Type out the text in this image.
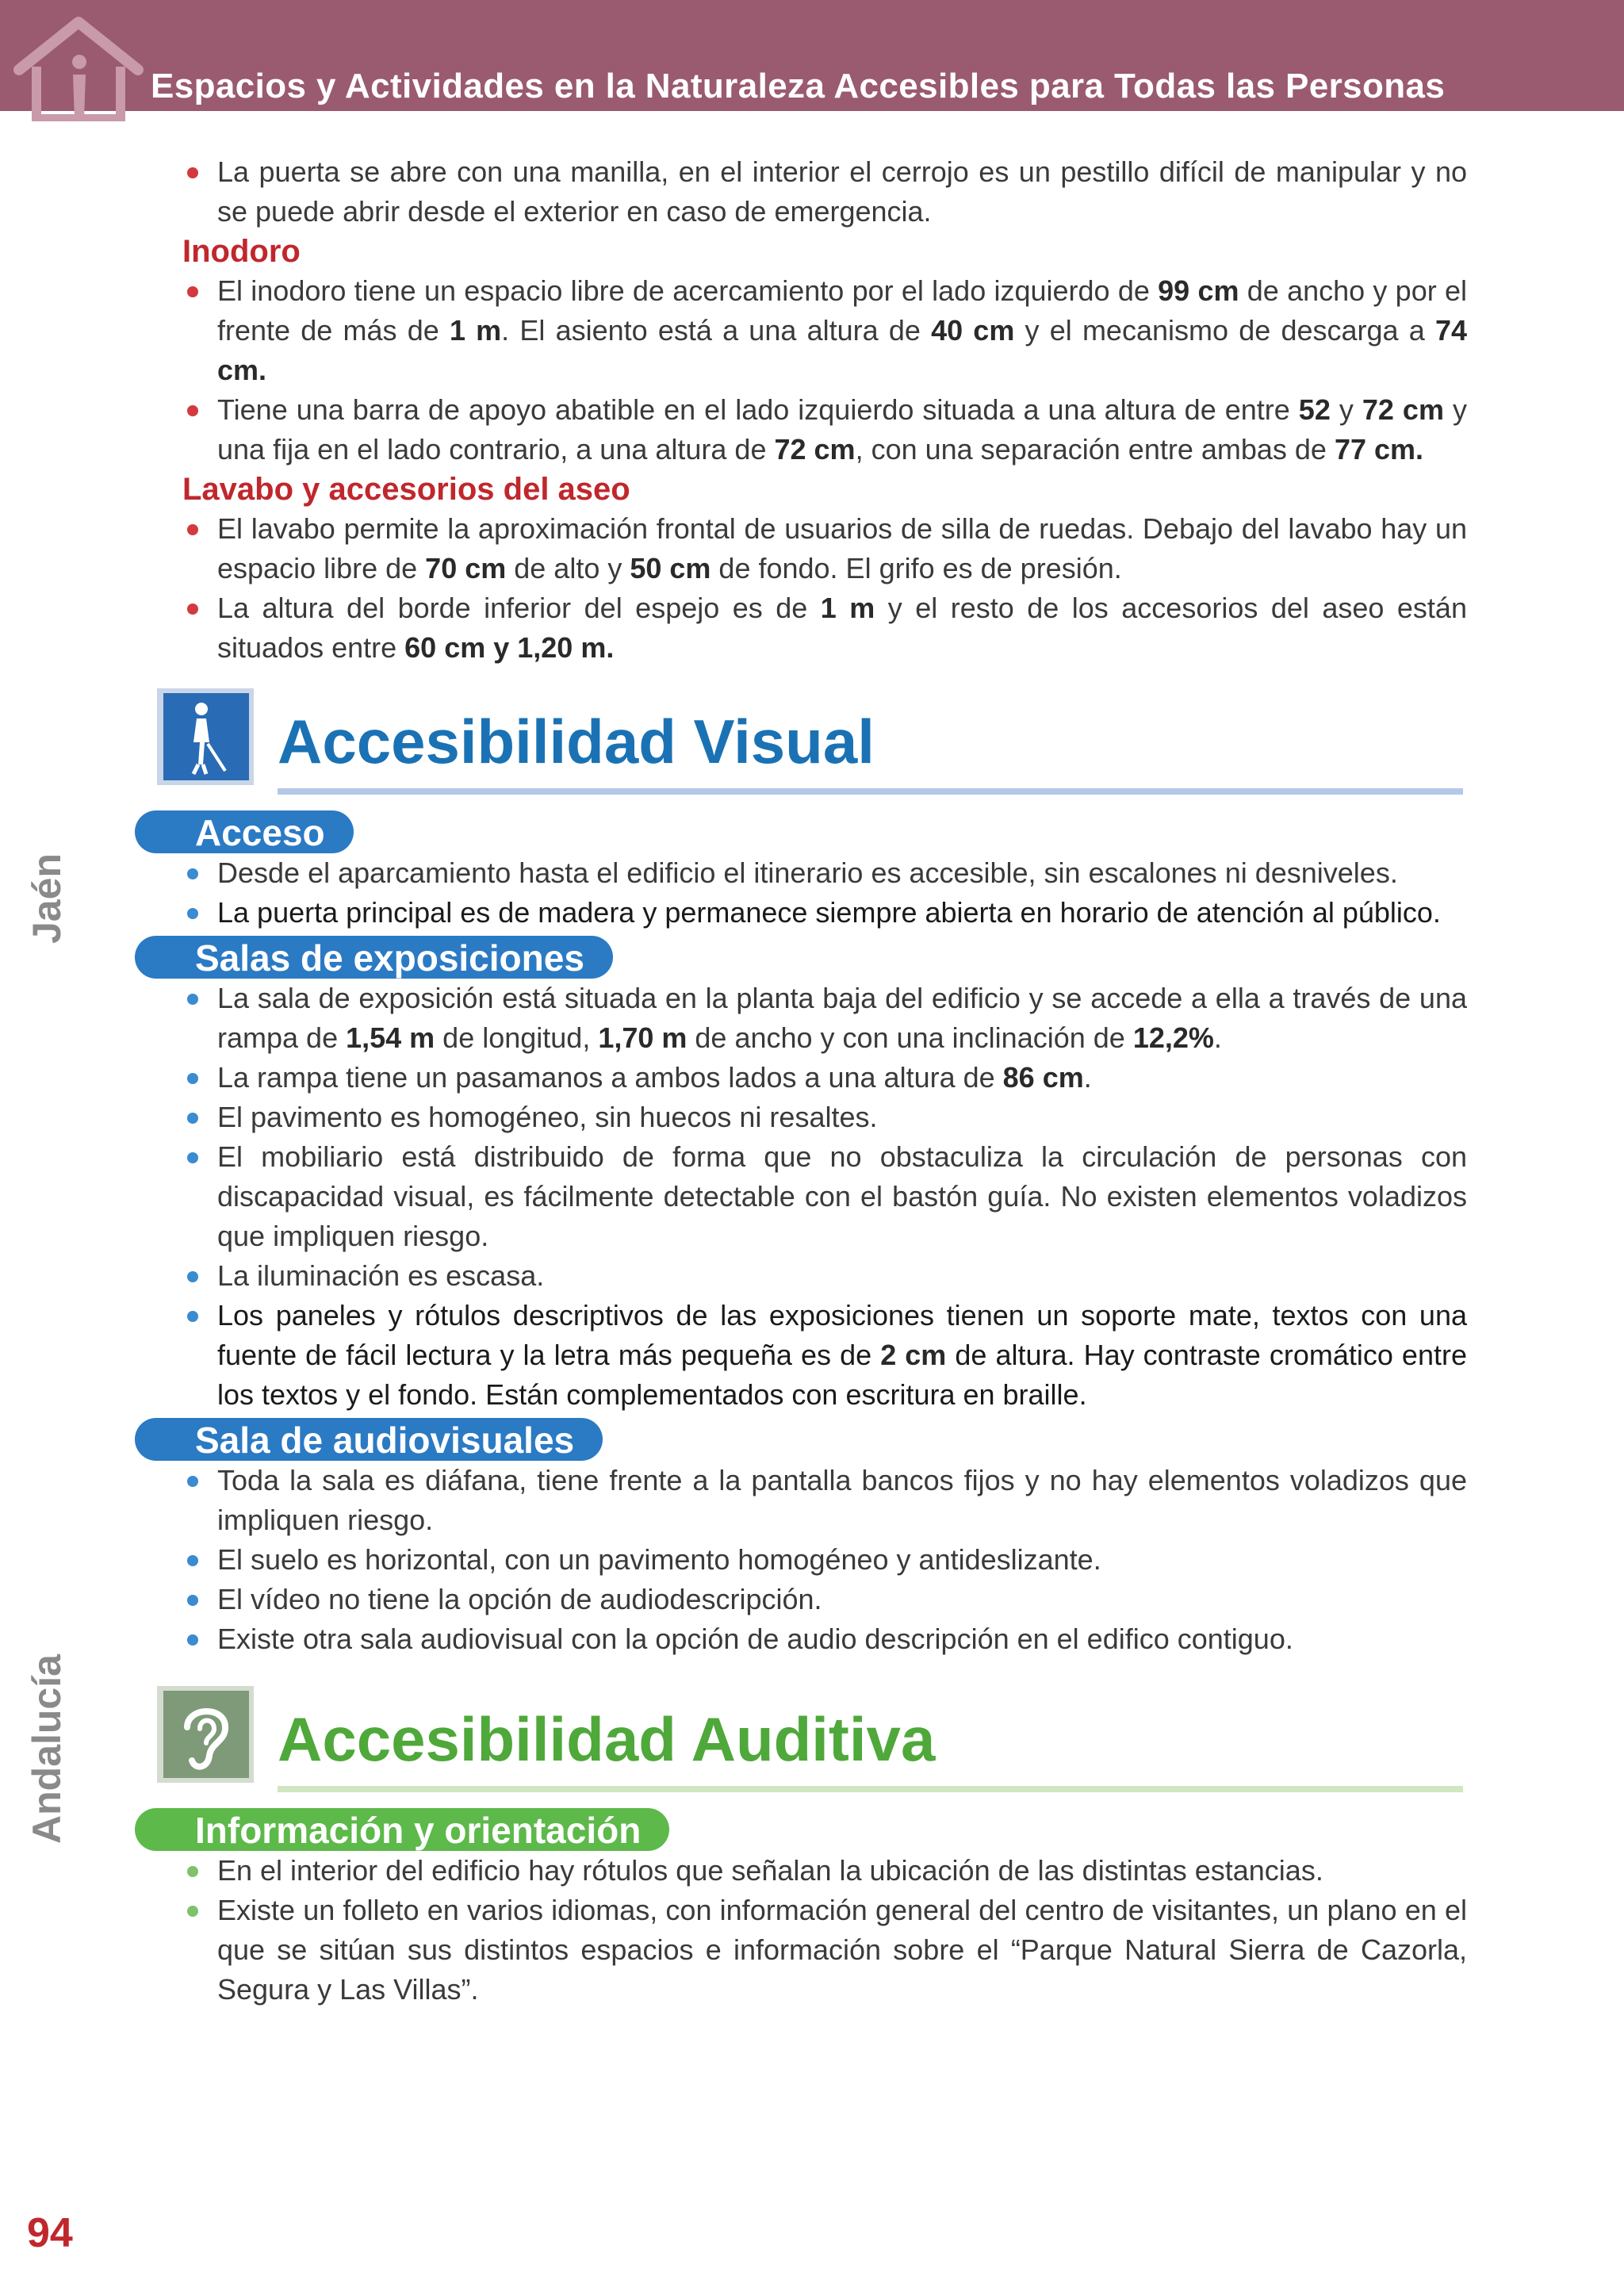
Espacios y Actividades en la Naturaleza Accesibles para Todas las Personas
Jaén
Andalucía
La puerta se abre con una manilla, en el interior el cerrojo es un pestillo difícil de manipular y no se puede abrir desde el exterior en caso de emergencia.
Inodoro
El inodoro tiene un espacio libre de acercamiento por el lado izquierdo de 99 cm de ancho y por el frente de más de 1 m. El asiento está a una altura de 40 cm y el mecanismo de descarga a 74 cm.
Tiene una barra de apoyo abatible en el lado izquierdo situada a una altura de entre 52 y 72 cm y una fija en el lado contrario, a una altura de 72 cm, con una separación entre ambas de 77 cm.
Lavabo y accesorios del aseo
El lavabo permite la aproximación frontal de usuarios de silla de ruedas. Debajo del lavabo hay un espacio libre de 70 cm de alto y 50 cm de fondo. El grifo es de presión.
La altura del borde inferior del espejo es de 1 m y el resto de los accesorios del aseo están situados entre 60 cm y 1,20 m.
Accesibilidad Visual
Acceso
Desde el aparcamiento hasta el edificio el itinerario es accesible, sin escalones ni desniveles.
La puerta principal es de madera y permanece siempre abierta en horario de atención al público.
Salas de exposiciones
La sala de exposición está situada en la planta baja del edificio y se accede a ella a través de una rampa de 1,54 m de longitud, 1,70 m de ancho y con una inclinación de 12,2%.
La rampa tiene un pasamanos a ambos lados a una altura de 86 cm.
El pavimento es homogéneo, sin huecos ni resaltes.
El mobiliario está distribuido de forma que no obstaculiza la circulación de personas con discapacidad visual, es fácilmente detectable con el bastón guía. No existen elementos voladizos que impliquen riesgo.
La iluminación es escasa.
Los paneles y rótulos descriptivos de las exposiciones tienen un soporte mate, textos con una fuente de fácil lectura y la letra más pequeña es de 2 cm de altura. Hay contraste cromático entre los textos y el fondo. Están complementados con escritura en braille.
Sala de audiovisuales
Toda la sala es diáfana, tiene frente a la pantalla bancos fijos y no hay elementos voladizos que impliquen riesgo.
El suelo es horizontal, con un pavimento homogéneo y antideslizante.
El vídeo no tiene la opción de audiodescripción.
Existe otra sala audiovisual con la opción de audio descripción en el edifico contiguo.
Accesibilidad Auditiva
Información y orientación
En el interior del edificio hay rótulos que señalan la ubicación de las distintas estancias.
Existe un folleto en varios idiomas, con información general del centro de visitantes, un plano en el que se sitúan sus distintos espacios e información sobre el “Parque Natural Sierra de Cazorla, Segura y Las Villas”.
94
